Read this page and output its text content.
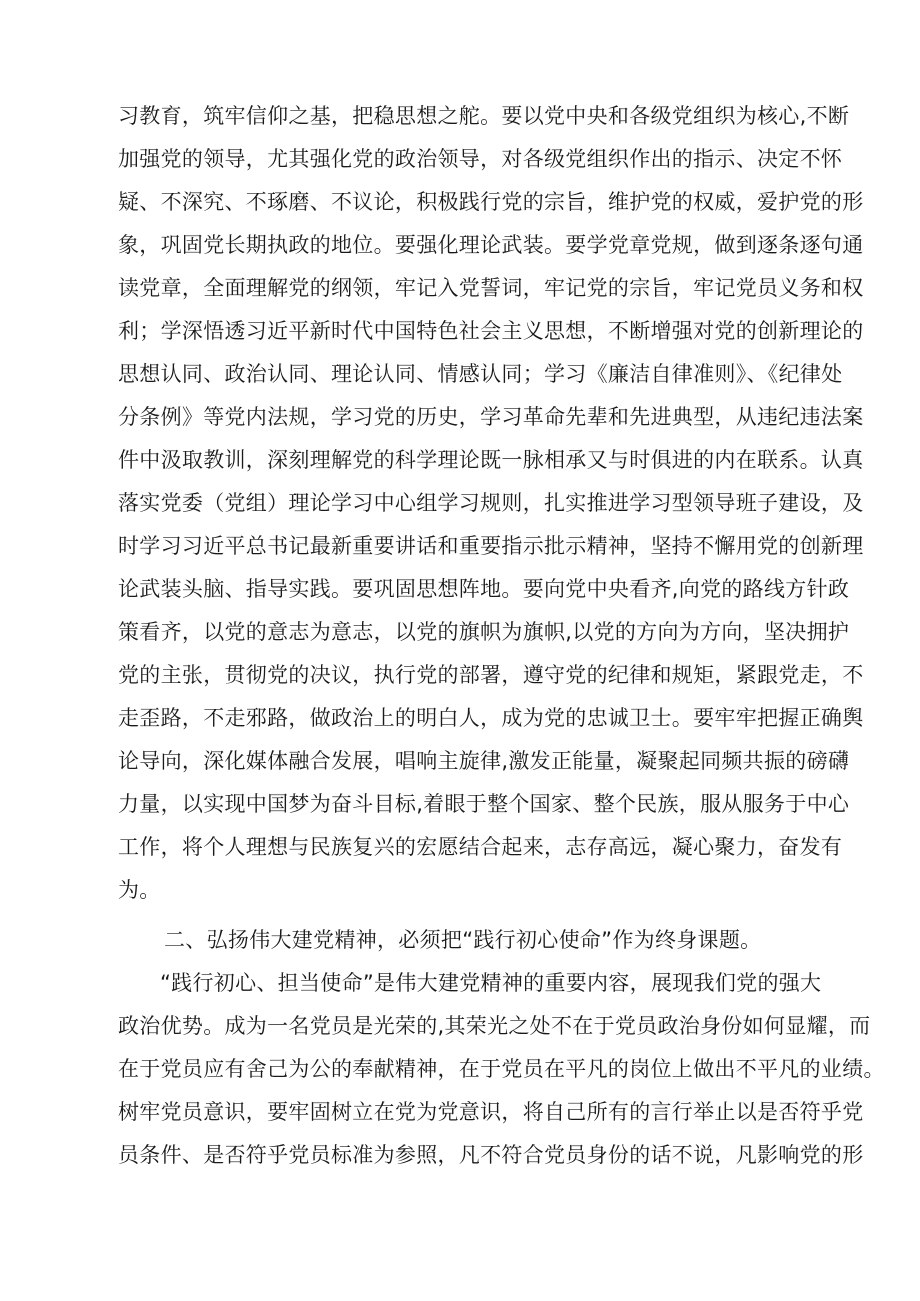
习教育，筑牢信仰之基，把稳思想之舵。要以党中央和各级党组织为核心,不断
加强党的领导，尤其强化党的政治领导，对各级党组织作出的指示、决定不怀
疑、不深究、不琢磨、不议论，积极践行党的宗旨，维护党的权威，爱护党的形
象，巩固党长期执政的地位。要强化理论武装。要学党章党规，做到逐条逐句通
读党章，全面理解党的纲领，牢记入党誓词，牢记党的宗旨，牢记党员义务和权
利；学深悟透习近平新时代中国特色社会主义思想，不断增强对党的创新理论的
思想认同、政治认同、理论认同、情感认同；学习《廉洁自律准则》、《纪律处
分条例》等党内法规，学习党的历史，学习革命先辈和先进典型，从违纪违法案
件中汲取教训，深刻理解党的科学理论既一脉相承又与时俱进的内在联系。认真
落实党委（党组）理论学习中心组学习规则，扎实推进学习型领导班子建设，及
时学习习近平总书记最新重要讲话和重要指示批示精神，坚持不懈用党的创新理
论武装头脑、指导实践。要巩固思想阵地。要向党中央看齐,向党的路线方针政
策看齐，以党的意志为意志，以党的旗帜为旗帜,以党的方向为方向，坚决拥护
党的主张，贯彻党的决议，执行党的部署，遵守党的纪律和规矩，紧跟党走，不
走歪路，不走邪路，做政治上的明白人，成为党的忠诚卫士。要牢牢把握正确舆
论导向，深化媒体融合发展，唱响主旋律,激发正能量，凝聚起同频共振的磅礴
力量，以实现中国梦为奋斗目标,着眼于整个国家、整个民族，服从服务于中心
工作，将个人理想与民族复兴的宏愿结合起来，志存高远，凝心聚力，奋发有
为。
二、弘扬伟大建党精神，必须把“践行初心使命”作为终身课题。
“践行初心、担当使命”是伟大建党精神的重要内容，展现我们党的强大
政治优势。成为一名党员是光荣的,其荣光之处不在于党员政治身份如何显耀，而
在于党员应有舍己为公的奉献精神，在于党员在平凡的岗位上做出不平凡的业绩。
树牢党员意识，要牢固树立在党为党意识，将自己所有的言行举止以是否符乎党
员条件、是否符乎党员标准为参照，凡不符合党员身份的话不说，凡影响党的形
